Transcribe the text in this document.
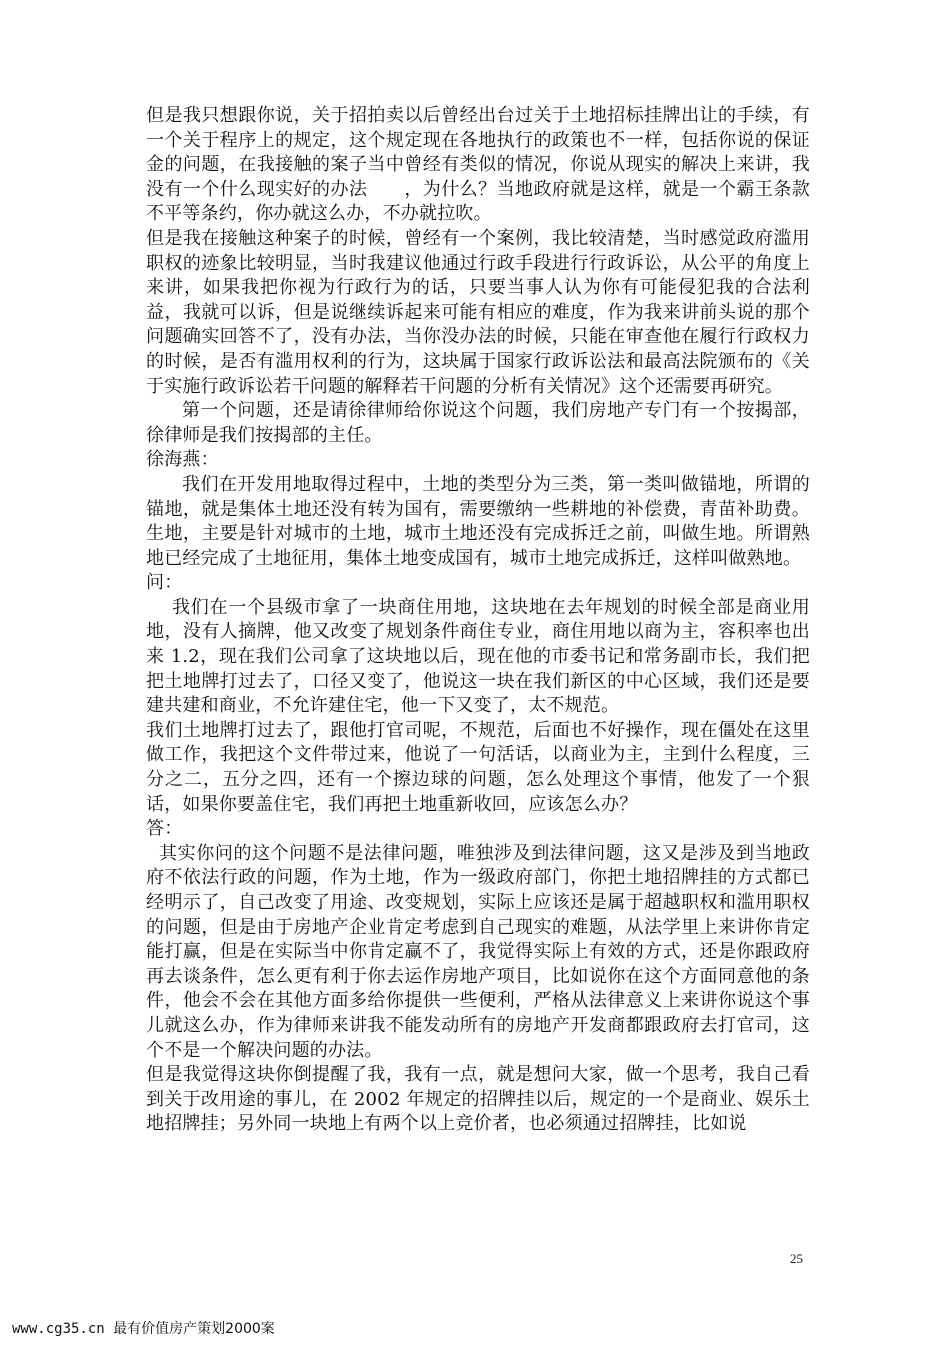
但是我只想跟你说，关于招拍卖以后曾经出台过关于土地招标挂牌出让的手续，有一个关于程序上的规定，这个规定现在各地执行的政策也不一样，包括你说的保证金的问题，在我接触的案子当中曾经有类似的情况，你说从现实的解决上来讲，我没有一个什么现实好的办法　　，为什么？当地政府就是这样，就是一个霸王条款不平等条约，你办就这么办，不办就拉吹。

但是我在接触这种案子的时候，曾经有一个案例，我比较清楚，当时感觉政府滥用职权的迹象比较明显，当时我建议他通过行政手段进行行政诉讼，从公平的角度上来讲，如果我把你视为行政行为的话，只要当事人认为你有可能侵犯我的合法利益，我就可以诉，但是说继续诉起来可能有相应的难度，作为我来讲前头说的那个问题确实回答不了，没有办法，当你没办法的时候，只能在审查他在履行行政权力的时候，是否有滥用权利的行为，这块属于国家行政诉讼法和最高法院颁布的《关于实施行政诉讼若干问题的解释若干问题的分析有关情况》这个还需要再研究。

第一个问题，还是请徐律师给你说这个问题，我们房地产专门有一个按揭部，徐律师是我们按揭部的主任。

徐海燕：

我们在开发用地取得过程中，土地的类型分为三类，第一类叫做锚地，所谓的锚地，就是集体土地还没有转为国有，需要缴纳一些耕地的补偿费，青苗补助费。生地，主要是针对城市的土地，城市土地还没有完成拆迁之前，叫做生地。所谓熟地已经完成了土地征用，集体土地变成国有，城市土地完成拆迁，这样叫做熟地。

问：

我们在一个县级市拿了一块商住用地，这块地在去年规划的时候全部是商业用地，没有人摘牌，他又改变了规划条件商住专业，商住用地以商为主，容积率也出来 1.2，现在我们公司拿了这块地以后，现在他的市委书记和常务副市长，我们把把土地牌打过去了，口径又变了，他说这一块在我们新区的中心区域，我们还是要建共建和商业，不允许建住宅，他一下又变了，太不规范。

我们土地牌打过去了，跟他打官司呢，不规范，后面也不好操作，现在僵处在这里做工作，我把这个文件带过来，他说了一句活话，以商业为主，主到什么程度，三分之二，五分之四，还有一个擦边球的问题，怎么处理这个事情，他发了一个狠话，如果你要盖住宅，我们再把土地重新收回，应该怎么办？

答：

其实你问的这个问题不是法律问题，唯独涉及到法律问题，这又是涉及到当地政府不依法行政的问题，作为土地，作为一级政府部门，你把土地招牌挂的方式都已经明示了，自己改变了用途、改变规划，实际上应该还是属于超越职权和滥用职权的问题，但是由于房地产企业肯定考虑到自己现实的难题，从法学里上来讲你肯定能打赢，但是在实际当中你肯定赢不了，我觉得实际上有效的方式，还是你跟政府再去谈条件，怎么更有利于你去运作房地产项目，比如说你在这个方面同意他的条件，他会不会在其他方面多给你提供一些便利，严格从法律意义上来讲你说这个事儿就这么办，作为律师来讲我不能发动所有的房地产开发商都跟政府去打官司，这个不是一个解决问题的办法。

但是我觉得这块你倒提醒了我，我有一点，就是想问大家，做一个思考，我自己看到关于改用途的事儿，在 2002 年规定的招牌挂以后，规定的一个是商业、娱乐土地招牌挂；另外同一块地上有两个以上竞价者，也必须通过招牌挂，比如说

25
www.cg35.cn 最有价值房产策划2000案
